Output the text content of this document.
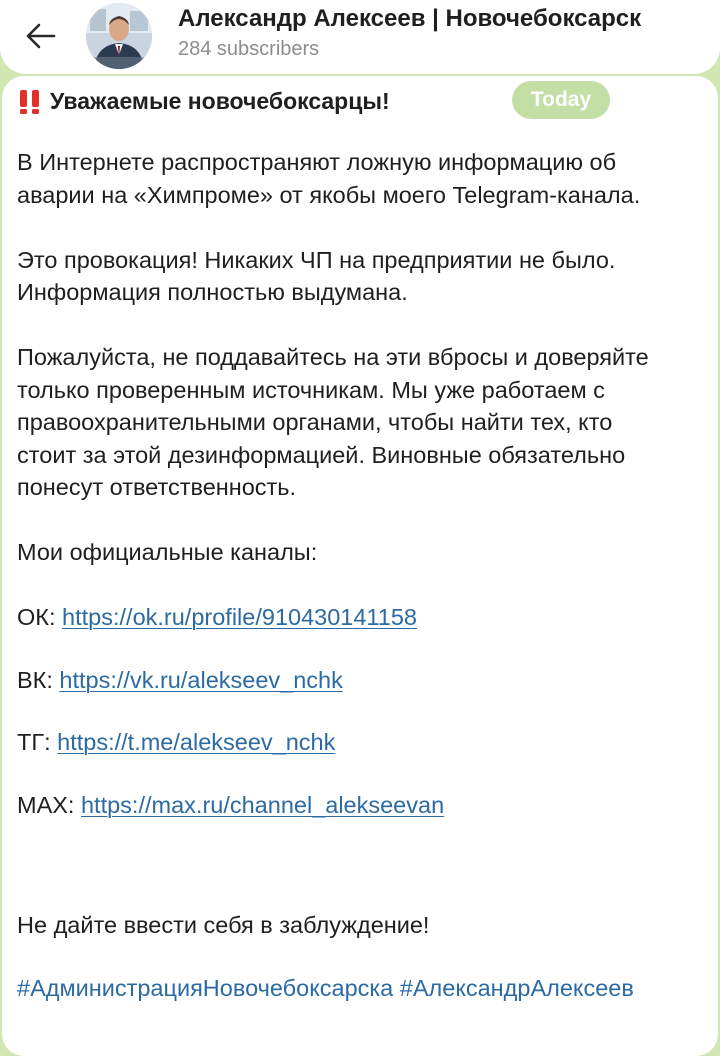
Александр Алексеев | Новочебоксарск
284 subscribers
Уважаемые новочебоксарцы!	Today

В Интернете распространяют ложную информацию об

аварии на «Химпроме» от якобы моего Telegram-канала.

Это провокация! Никаких ЧП на предприятии не было.

Информация полностью выдумана.

Пожалуйста, не поддавайтесь на эти вбросы и доверяйте

только проверенным источникам. Мы уже работаем с

правоохранительными органами, чтобы найти тех, кто

стоит за этой дезинформацией. Виновные обязательно

понесут ответственность.

Мои официальные каналы:

ОК: https://ok.ru/profile/910430141158

ВК: https://vk.ru/alekseev_nchk

ТГ: https://t.me/alekseev_nchk

MAX: https://max.ru/channel_alekseevan

Не дайте ввести себя в заблуждение!

#АдминистрацияНовочебоксарска #АлександрАлексеев
